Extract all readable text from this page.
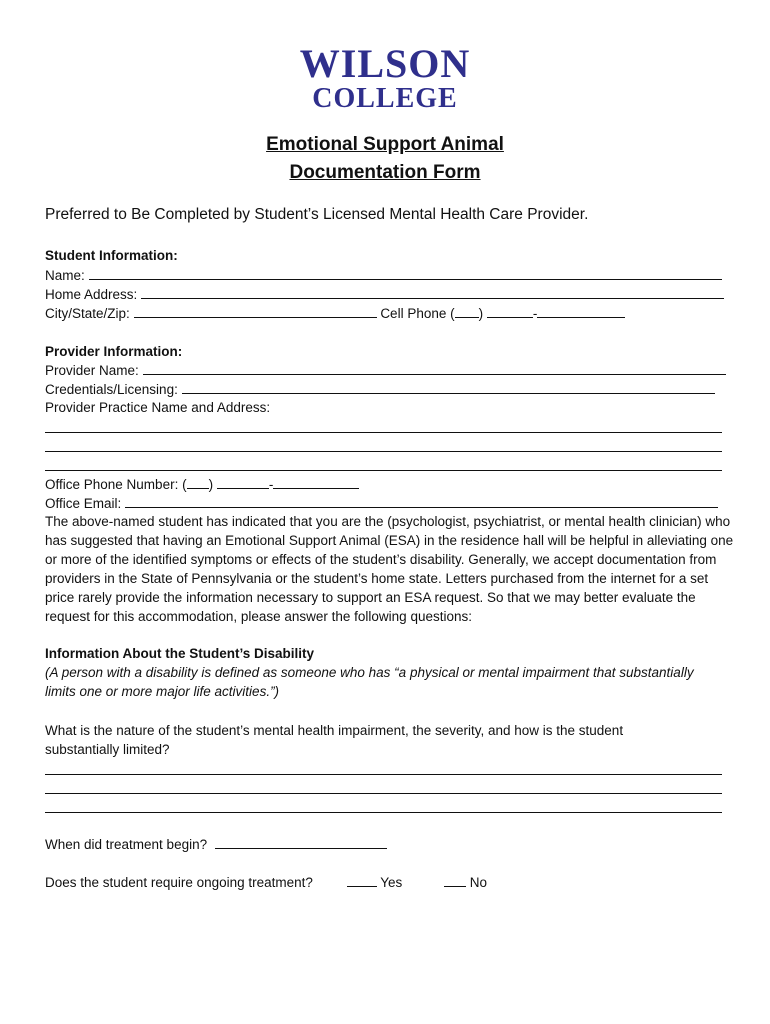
WILSON
COLLEGE
Emotional Support Animal
Documentation Form
Preferred to Be Completed by Student’s Licensed Mental Health Care Provider.
Student Information:
Name:
Home Address:
City/State/Zip:	Cell Phone ( )	-
Provider Information:
Provider Name:
Credentials/Licensing:
Provider Practice Name and Address:
Office Phone Number: ( )	-
Office Email:
The above-named student has indicated that you are the (psychologist, psychiatrist, or mental health clinician) who has suggested that having an Emotional Support Animal (ESA) in the residence hall will be helpful in alleviating one or more of the identified symptoms or effects of the student’s disability. Generally, we accept documentation from providers in the State of Pennsylvania or the student’s home state. Letters purchased from the internet for a set price rarely provide the information necessary to support an ESA request. So that we may better evaluate the request for this accommodation, please answer the following questions:
Information About the Student’s Disability
(A person with a disability is defined as someone who has “a physical or mental impairment that substantially limits one or more major life activities.”)
What is the nature of the student’s mental health impairment, the severity, and how is the student substantially limited?
When did treatment begin?
Does the student require ongoing treatment?	Yes	No
